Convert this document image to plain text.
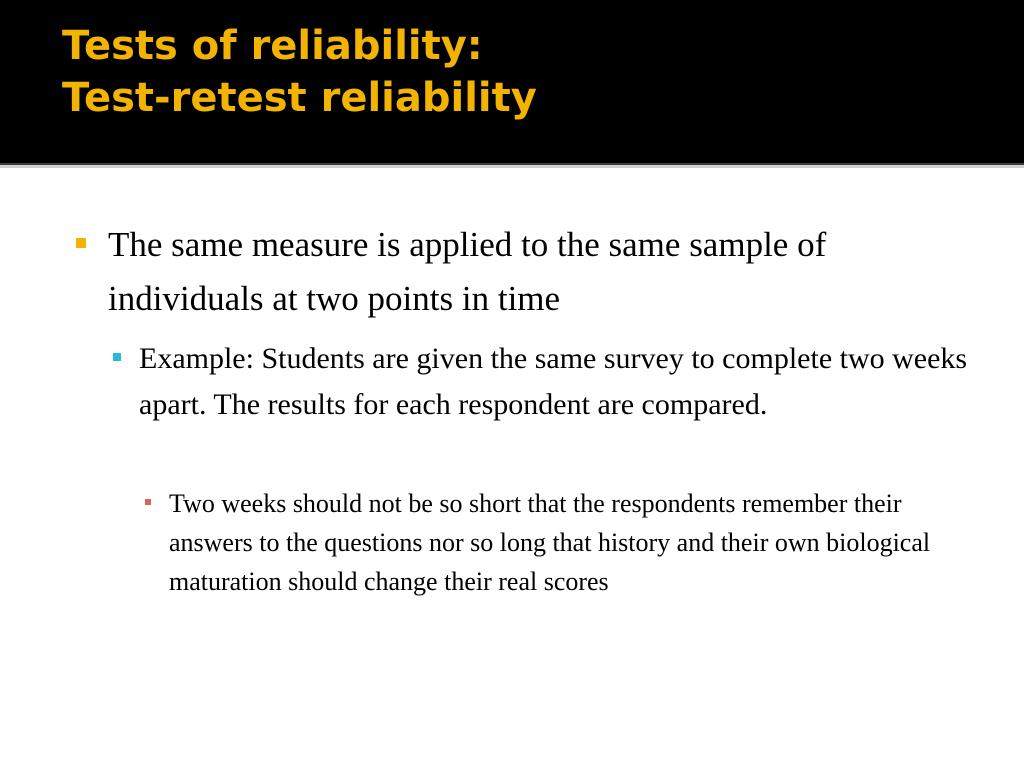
Tests of reliability:
Test-retest reliability
The same measure is applied to the same sample of individuals at two points in time
Example: Students are given the same survey to complete two weeks apart. The results for each respondent are compared.
Two weeks should not be so short that the respondents remember their answers to the questions nor so long that history and their own biological maturation should change their real scores
